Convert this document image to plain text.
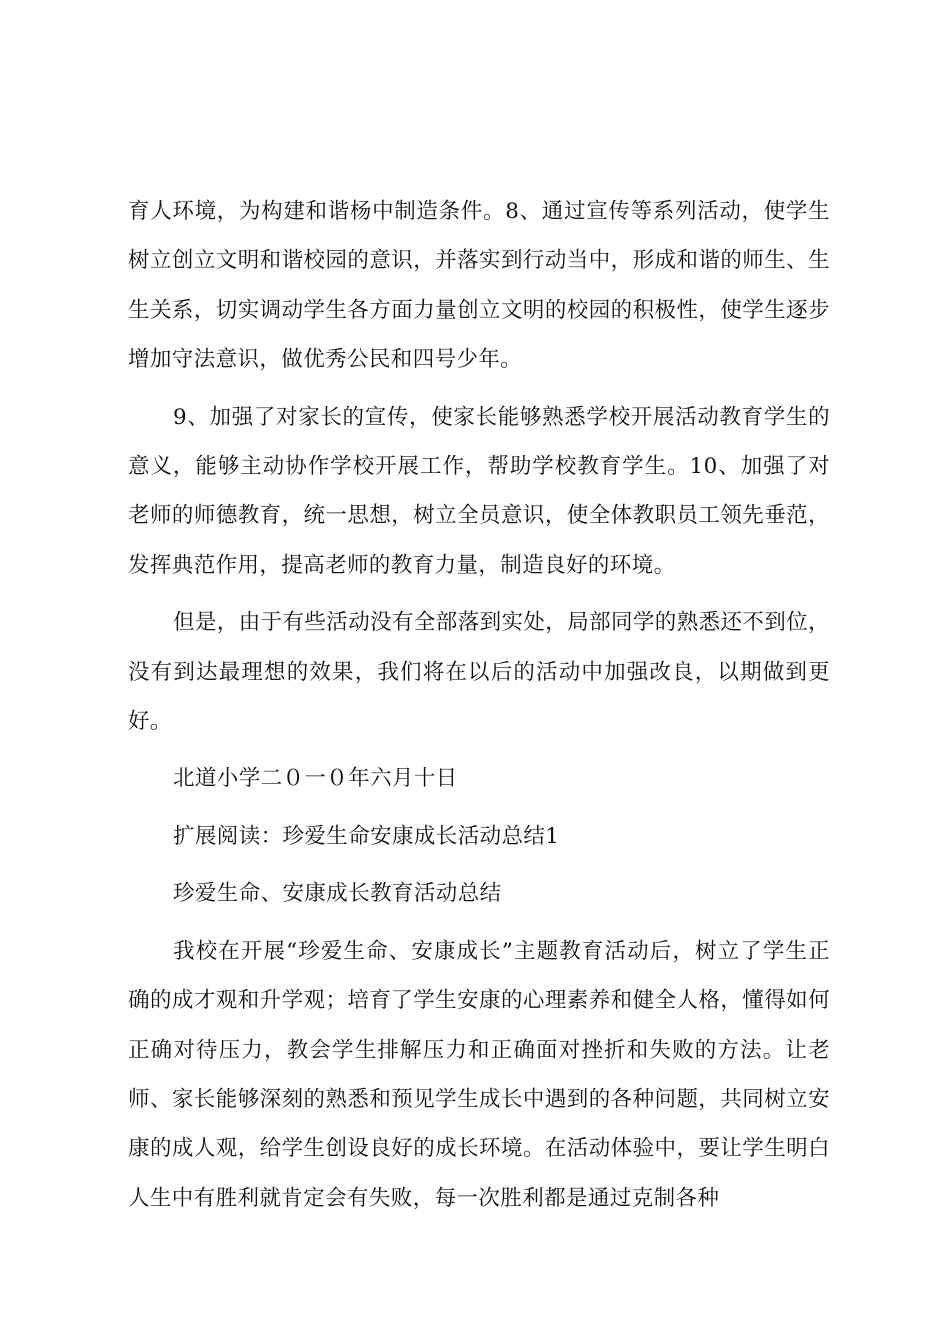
育人环境，为构建和谐杨中制造条件。8、通过宣传等系列活动，使学生树立创立文明和谐校园的意识，并落实到行动当中，形成和谐的师生、生生关系，切实调动学生各方面力量创立文明的校园的积极性，使学生逐步增加守法意识，做优秀公民和四号少年。

9、加强了对家长的宣传，使家长能够熟悉学校开展活动教育学生的意义，能够主动协作学校开展工作，帮助学校教育学生。10、加强了对老师的师德教育，统一思想，树立全员意识，使全体教职员工领先垂范，发挥典范作用，提高老师的教育力量，制造良好的环境。

但是，由于有些活动没有全部落到实处，局部同学的熟悉还不到位，没有到达最理想的效果，我们将在以后的活动中加强改良，以期做到更好。

北道小学二０一０年六月十日

扩展阅读：珍爱生命安康成长活动总结1

珍爱生命、安康成长教育活动总结

我校在开展“珍爱生命、安康成长”主题教育活动后，树立了学生正确的成才观和升学观；培育了学生安康的心理素养和健全人格，懂得如何正确对待压力，教会学生排解压力和正确面对挫折和失败的方法。让老师、家长能够深刻的熟悉和预见学生成长中遇到的各种问题，共同树立安康的成人观，给学生创设良好的成长环境。在活动体验中，要让学生明白人生中有胜利就肯定会有失败，每一次胜利都是通过克制各种
